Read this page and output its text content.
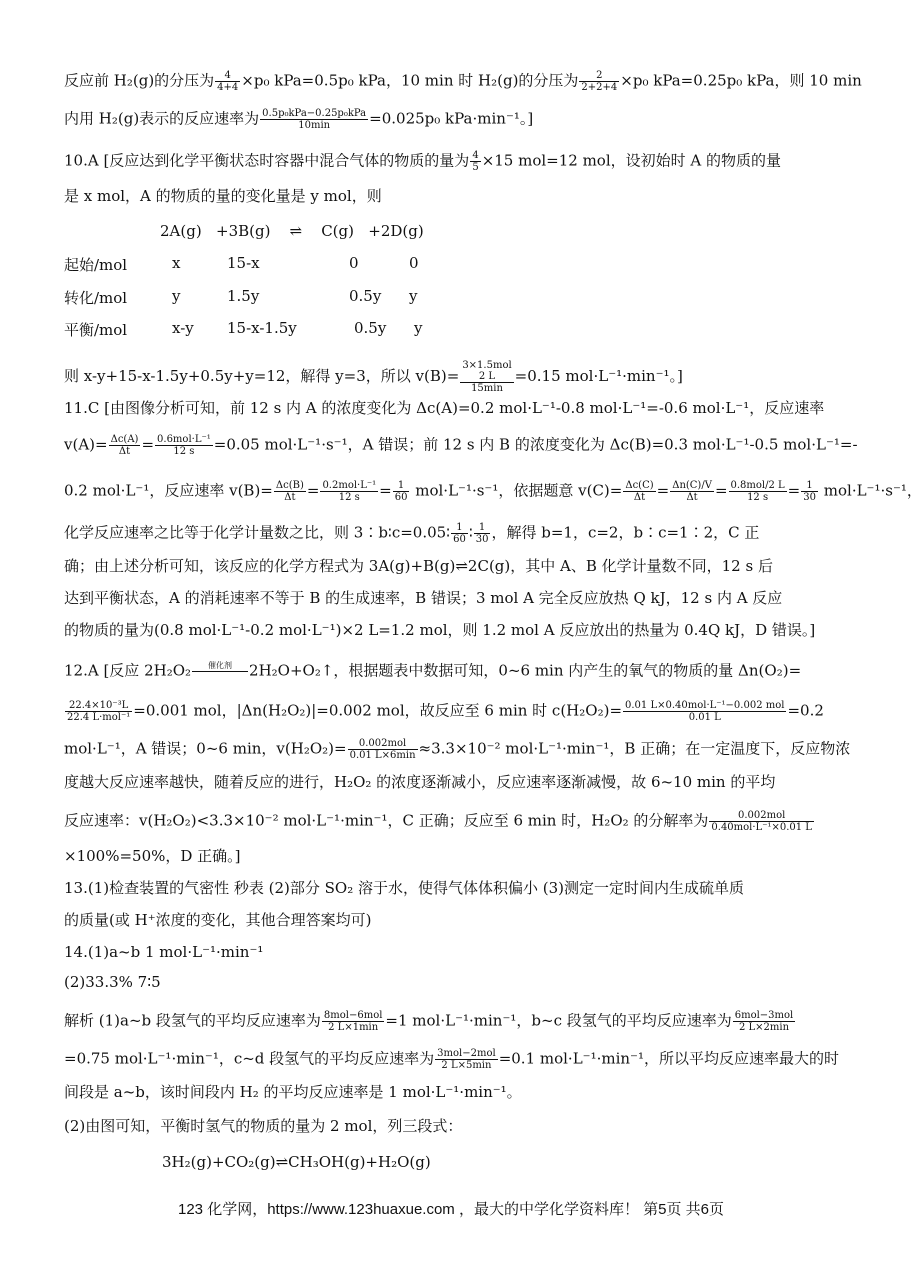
反应前 H₂(g)的分压为 $\frac{4}{4+4} \times p_0$ kPa=0.5p₀ kPa，10 min 时 H₂(g)的分压为 $\frac{2}{2+2+4} \times p_0$ kPa=0.25p₀ kPa，则 10 min
内用 H₂(g)表示的反应速率为 $\frac{\text{0.5p₀kPa−0.25p₀kPa}}{10\min} =0.025p_0$ kPa·min⁻¹。]
10.A [反应达到化学平衡状态时容器中混合气体的物质的量为 $\frac{4}{5} \times 15$ mol=12 mol，设初始时 A 的物质的量
是 x mol，A 的物质的量的变化量是 y mol，则
2A(g) +3B(g) ⇌ C(g) +2D(g)
起始/mol	x	15-x	0	0
转化/mol	y	1.5y	0.5y y
平衡/mol	x-y 15-x-1.5y	0.5y y
则 x-y+15-x-1.5y+0.5y+y=12，解得 y=3，所以 v(B)=
3×1.5mol
2 L
15min
=0.15 mol·L⁻¹·min⁻¹。]
11.C [由图像分析可知，前 12 s 内 A 的浓度变化为 Δc(A)=0.2 mol·L⁻¹-0.8 mol·L⁻¹=-0.6 mol·L⁻¹，反应速率
$v(A)= \frac{\Delta c(A)}{\Delta t} = \frac{\text{0.6mol·L⁻¹}}{12 s} =0.05$ mol·L⁻¹·s⁻¹，A 错误；前 12 s 内 B 的浓度变化为 Δc(B)=0.3 mol·L⁻¹-0.5 mol·L⁻¹=-
0.2 mol·L⁻¹，反应速率 $v(B)= \frac{\Delta c(B)}{\Delta t} = \frac{\text{0.2mol·L⁻¹}}{12 s} = \frac{1}{60} mol\cdot L^{-1}\cdot s^{-1}$，依据题意 $v(C)= \frac{\Delta c(C)}{\Delta t} = \frac{\Delta n(C)/V}{\Delta t} = \frac{\text{0.8mol/2 L}}{12 s} = \frac{1}{30} mol\cdot L^{-1}\cdot s^{-1}$，
化学反应速率之比等于化学计量数之比，则 3∶b∶c=0.05∶ $\frac{1}{60}$ ∶ $\frac{1}{30}$ ，解得 b=1，c=2，b∶c=1∶2，C 正
确；由上述分析可知，该反应的化学方程式为 3A(g)+B(g)⇌2C(g)，其中 A、B 化学计量数不同，12 s 后
达到平衡状态，A 的消耗速率不等于 B 的生成速率，B 错误；3 mol A 完全反应放热 Q kJ，12 s 内 A 反应
的物质的量为(0.8 mol·L⁻¹-0.2 mol·L⁻¹)×2 L=1.2 mol，则 1.2 mol A 反应放出的热量为 0.4Q kJ，D 错误。]
12.A [反应 2H₂O₂	催化剂
	2H₂O+O₂↑，根据题表中数据可知，0~6 min 内产生的氧气的物质的量 Δn(O₂)=
$\frac{\text{22.4×10⁻³L}}{\text{22.4 L·mol⁻¹}} =0.001$ mol，|Δn(H₂O₂)|=0.002 mol，故反应至 6 min 时 $c(H_2O_2)= \frac{\text{0.01 L×0.40mol·L⁻¹−0.002 mol}}{0.01 L} =0.2$
mol·L⁻¹，A 错误；0~6 min，$v(H_2O_2)= \frac{\text{0.002mol}}{0.01 L\times 6\min} \approx 3.3\times 10^{-2}$ mol·L⁻¹·min⁻¹，B 正确；在一定温度下，反应物浓
度越大反应速率越快，随着反应的进行，H₂O₂ 的浓度逐渐减小，反应速率逐渐减慢，故 6~10 min 的平均
反应速率：v(H₂O₂)<3.3×10⁻² mol·L⁻¹·min⁻¹，C 正确；反应至 6 min 时，H₂O₂ 的分解率为 $\frac{\text{0.002mol}}{\text{0.40mol·L⁻¹×0.01 L}}$
×100%=50%，D 正确。]
13.(1)检查装置的气密性 秒表 (2)部分 SO₂ 溶于水，使得气体体积偏小 (3)测定一定时间内生成硫单质
的质量(或 H⁺浓度的变化，其他合理答案均可)
14.(1)a~b 1 mol·L⁻¹·min⁻¹
(2)33.3% 7∶5
解析 (1)a~b 段氢气的平均反应速率为 $\frac{\text{8mol−6mol}}{2 L\times 1\min} =1$ mol·L⁻¹·min⁻¹，b~c 段氢气的平均反应速率为 $\frac{\text{6mol−3mol}}{2 L\times 2\min}$
=0.75 mol·L⁻¹·min⁻¹，c~d 段氢气的平均反应速率为 $\frac{\text{3mol−2mol}}{2 L\times 5\min} =0.1$ mol·L⁻¹·min⁻¹，所以平均反应速率最大的时
间段是 a~b，该时间段内 H₂ 的平均反应速率是 1 mol·L⁻¹·min⁻¹。
(2)由图可知，平衡时氢气的物质的量为 2 mol，列三段式：
3H₂(g)+CO₂(g)⇌CH₃OH(g)+H₂O(g)
123 化学网，https://www.123huaxue.com ，最大的中学化学资料库！ 第5页 共6页
